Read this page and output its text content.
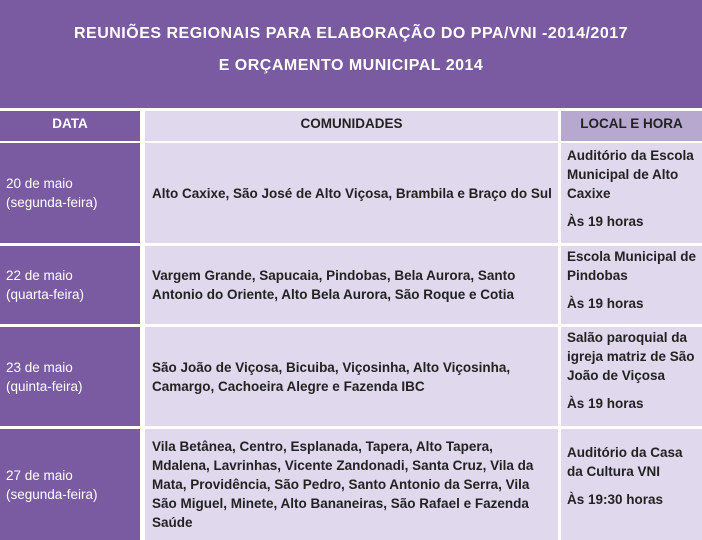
REUNIÕES REGIONAIS PARA ELABORAÇÃO DO PPA/VNI -2014/2017
E ORÇAMENTO MUNICIPAL 2014
DATA	COMUNIDADES	LOCAL E HORA
20 de maio
(segunda-feira)
Alto Caxixe, São José de Alto Viçosa, Brambila e Braço do Sul
Auditório da Escola Municipal de Alto Caxixe
Às 19 horas
22 de maio
(quarta-feira)
Vargem Grande, Sapucaia, Pindobas, Bela Aurora, Santo Antonio do Oriente, Alto Bela Aurora, São Roque e Cotia
Escola Municipal de Pindobas
Às 19 horas
23 de maio
(quinta-feira)
São João de Viçosa, Bicuiba, Viçosinha, Alto Viçosinha, Camargo, Cachoeira Alegre e Fazenda IBC
Salão paroquial da igreja matriz de São João de Viçosa
Às 19 horas
27 de maio
(segunda-feira)
Vila Betânea, Centro, Esplanada, Tapera, Alto Tapera, Mdalena, Lavrinhas, Vicente Zandonadi, Santa Cruz, Vila da Mata, Providência, São Pedro, Santo Antonio da Serra, Vila São Miguel, Minete, Alto Bananeiras, São Rafael e Fazenda Saúde
Auditório da Casa da Cultura VNI
Às 19:30 horas
